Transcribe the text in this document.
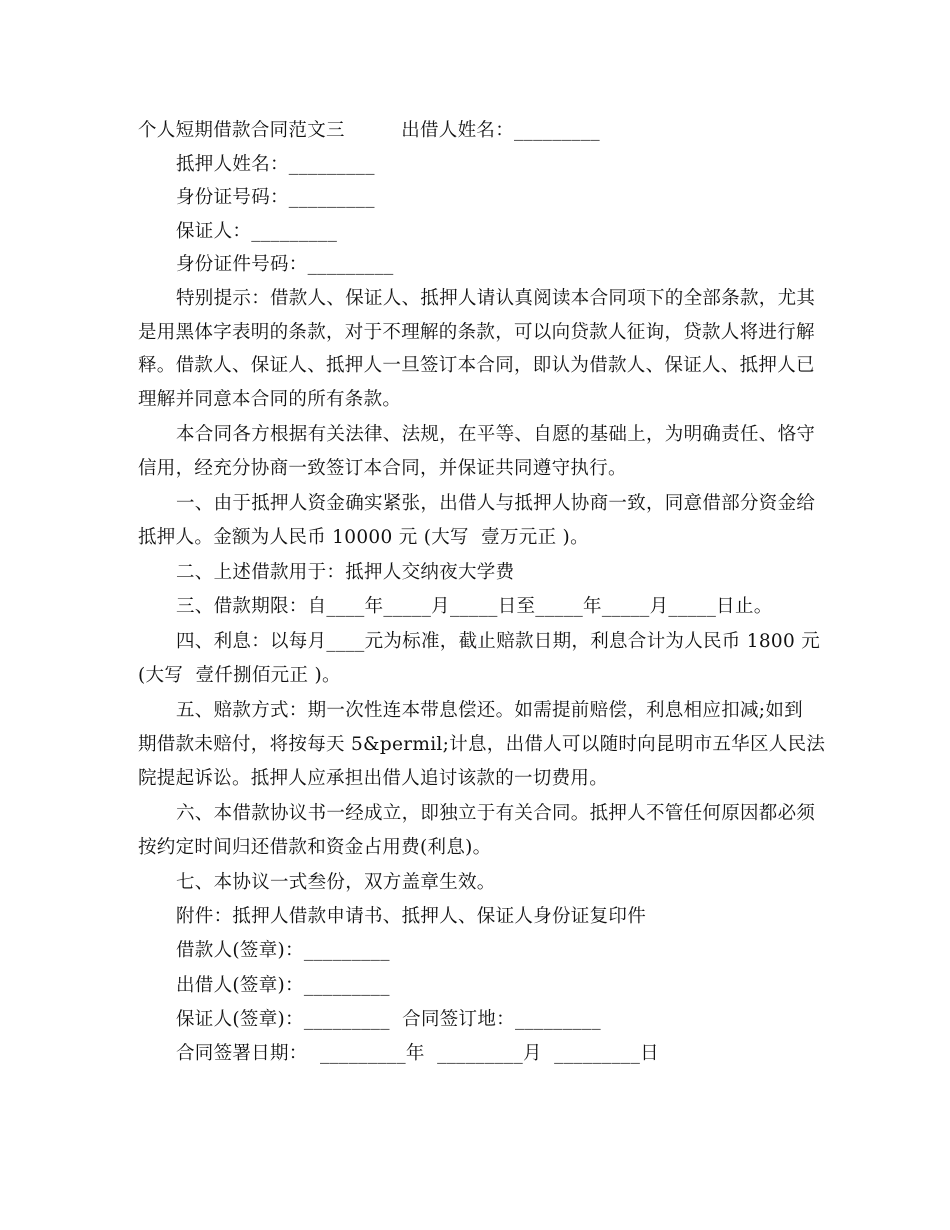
个人短期借款合同范文三　　　出借人姓名：_________
抵押人姓名：_________
身份证号码：_________
保证人：_________
身份证件号码：_________
特别提示：借款人、保证人、抵押人请认真阅读本合同项下的全部条款，尤其
是用黑体字表明的条款，对于不理解的条款，可以向贷款人征询，贷款人将进行解
释。借款人、保证人、抵押人一旦签订本合同，即认为借款人、保证人、抵押人已
理解并同意本合同的所有条款。
本合同各方根据有关法律、法规，在平等、自愿的基础上，为明确责任、恪守
信用，经充分协商一致签订本合同，并保证共同遵守执行。
一、由于抵押人资金确实紧张，出借人与抵押人协商一致，同意借部分资金给
抵押人。金额为人民币 10000 元 (大写  壹万元正 )。
二、上述借款用于：抵押人交纳夜大学费
三、借款期限：自____年_____月_____日至_____年_____月_____日止。
四、利息：以每月____元为标准，截止赔款日期，利息合计为人民币 1800 元
(大写  壹仟捌佰元正 )。
五、赔款方式：期一次性连本带息偿还。如需提前赔偿，利息相应扣减;如到
期借款未赔付，将按每天 5&permil;计息，出借人可以随时向昆明市五华区人民法
院提起诉讼。抵押人应承担出借人追讨该款的一切费用。
六、本借款协议书一经成立，即独立于有关合同。抵押人不管任何原因都必须
按约定时间归还借款和资金占用费(利息)。
七、本协议一式叁份，双方盖章生效。
附件：抵押人借款申请书、抵押人、保证人身份证复印件
借款人(签章)：_________
出借人(签章)：_________
保证人(签章)：_________  合同签订地：_________
合同签署日期：  _________年  _________月  _________日
